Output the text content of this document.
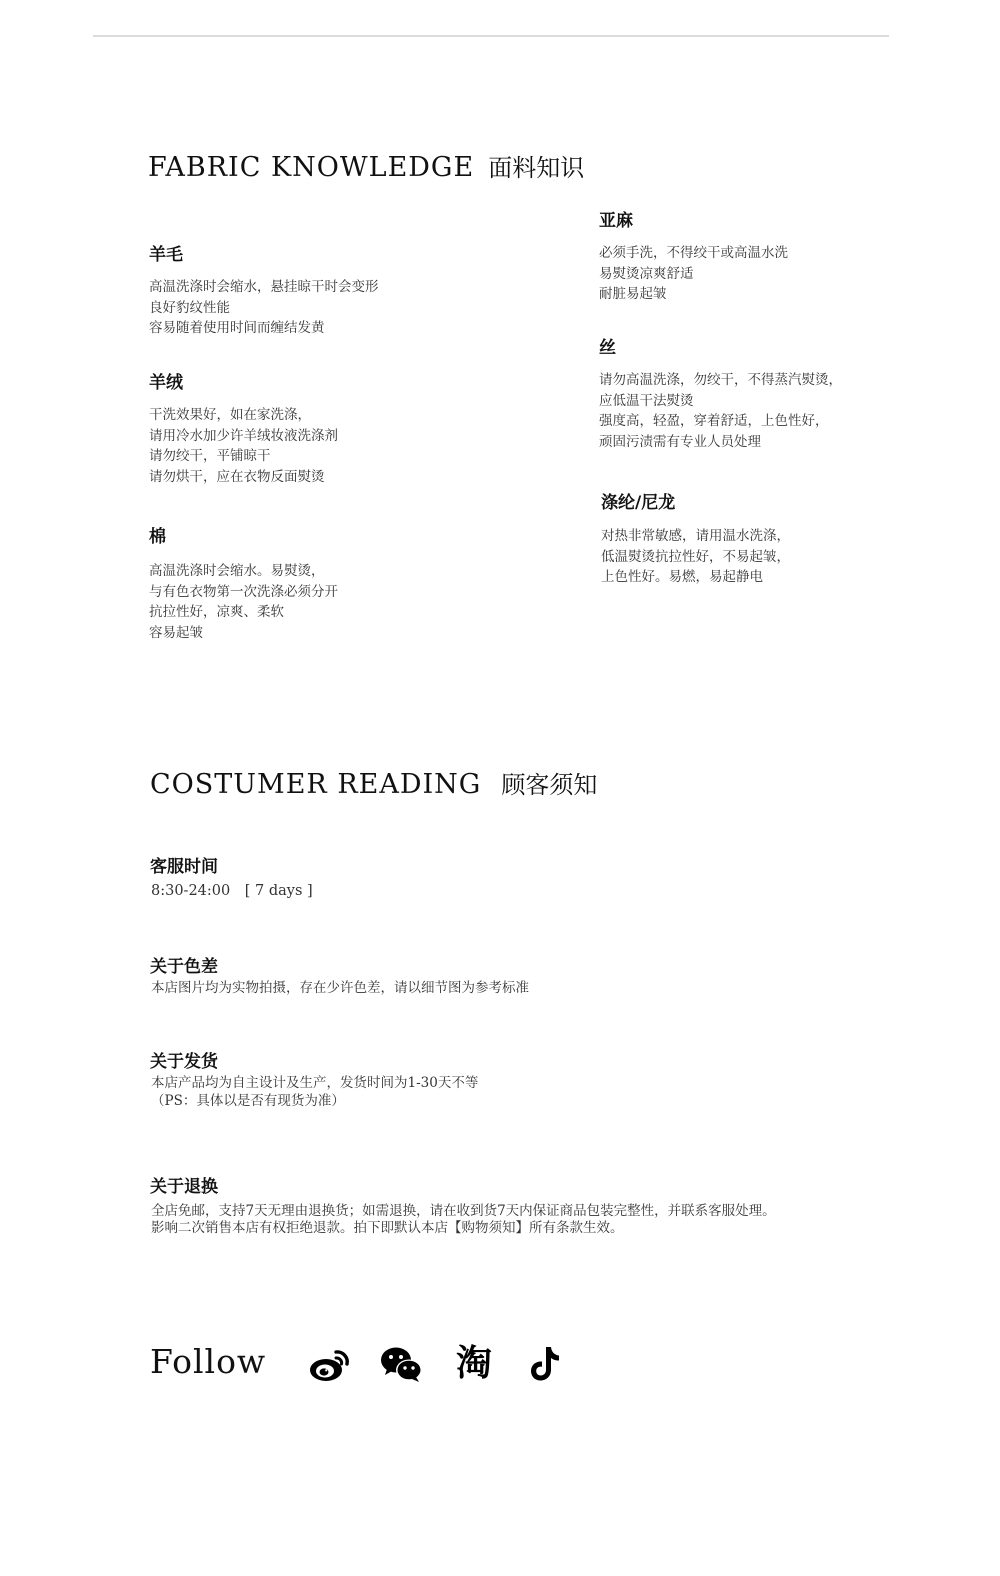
FABRIC KNOWLEDGE 面料知识
羊毛
高温洗涤时会缩水，悬挂晾干时会变形
良好豹纹性能
容易随着使用时间而缠结发黄
羊绒
干洗效果好，如在家洗涤，
请用冷水加少许羊绒妆液洗涤剂
请勿绞干，平铺晾干
请勿烘干，应在衣物反面熨烫
棉
高温洗涤时会缩水。易熨烫，
与有色衣物第一次洗涤必须分开
抗拉性好，凉爽、柔软
容易起皱
亚麻
必须手洗，不得绞干或高温水洗
易熨烫凉爽舒适
耐脏易起皱
丝
请勿高温洗涤，勿绞干，不得蒸汽熨烫，
应低温干法熨烫
强度高，轻盈，穿着舒适，上色性好，
顽固污渍需有专业人员处理
涤纶/尼龙
对热非常敏感，请用温水洗涤，
低温熨烫抗拉性好，不易起皱，
上色性好。易燃，易起静电
COSTUMER READING 顾客须知
客服时间
8:30-24:00　[ 7 days ]
关于色差
本店图片均为实物拍摄，存在少许色差，请以细节图为参考标准
关于发货
本店产品均为自主设计及生产，发货时间为1-30天不等
（PS：具体以是否有现货为准）
关于退换
全店免邮，支持7天无理由退换货；如需退换，请在收到货7天内保证商品包装完整性，并联系客服处理。
影响二次销售本店有权拒绝退款。拍下即默认本店【购物须知】所有条款生效。
Follow	淘
